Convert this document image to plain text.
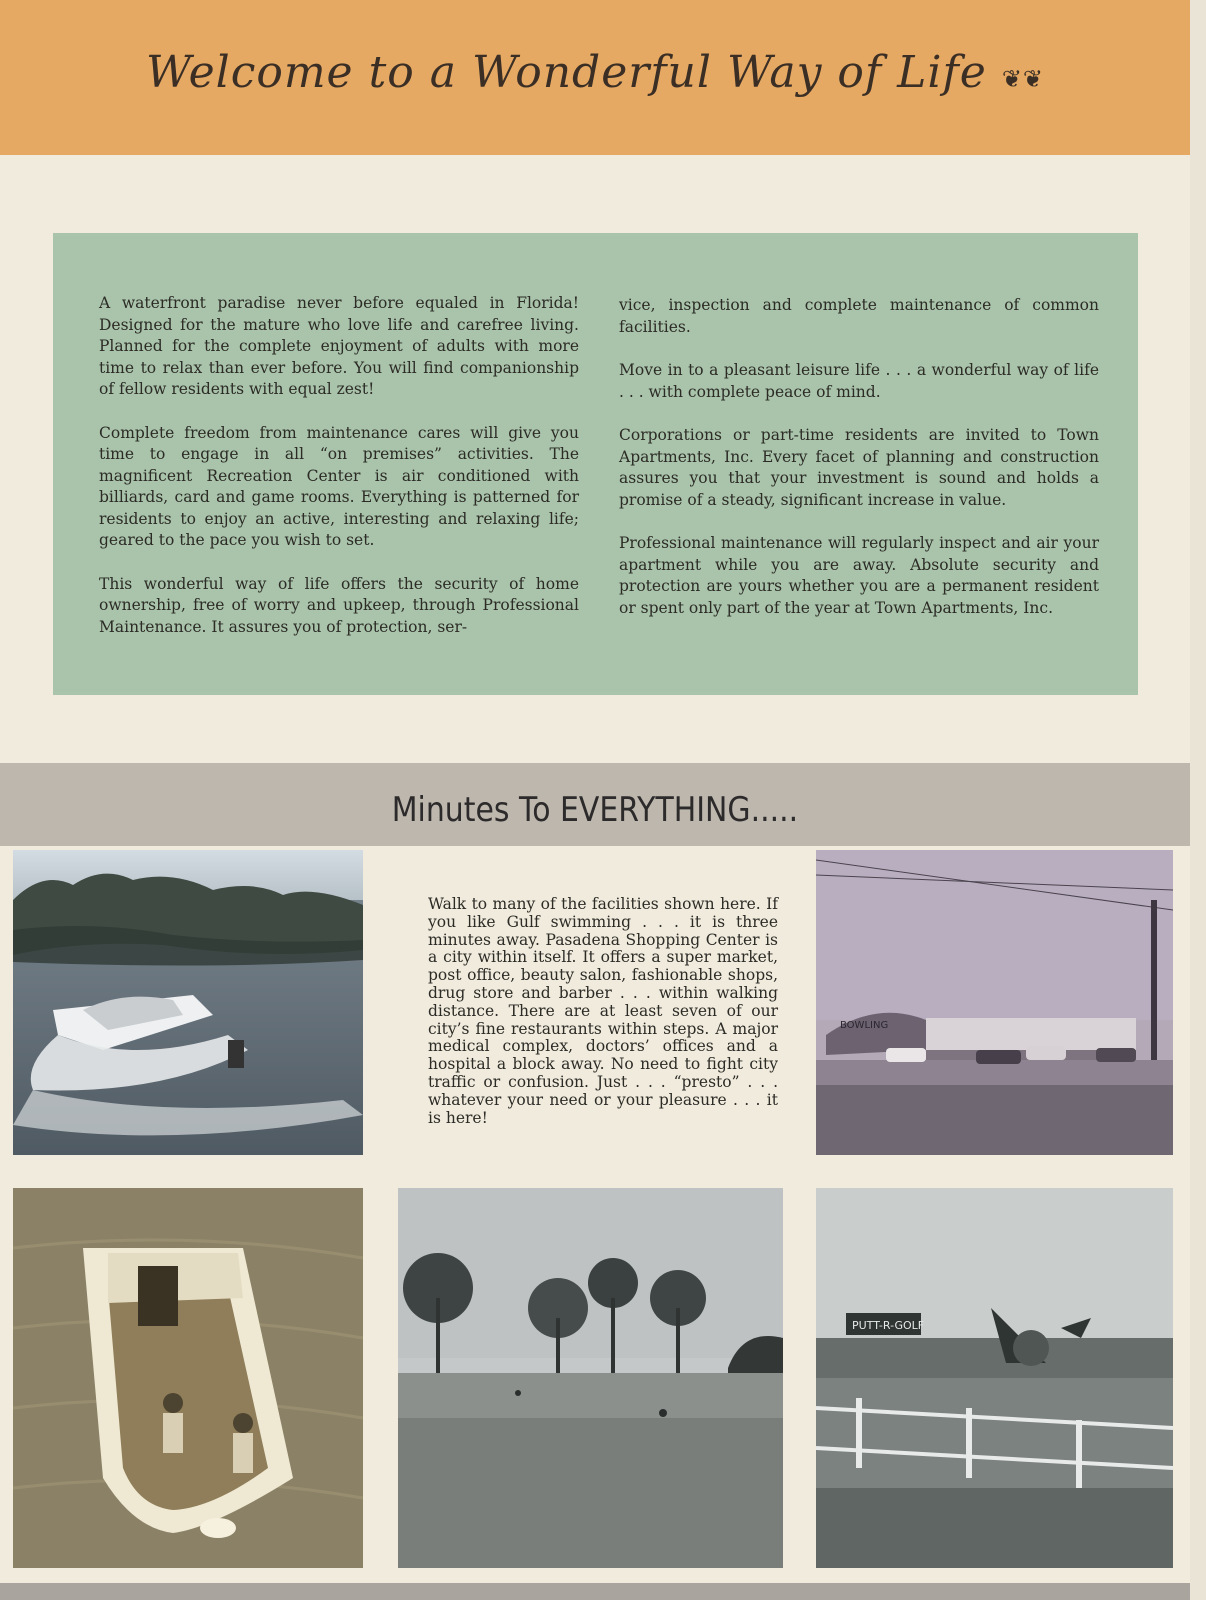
Welcome to a Wonderful Way of Life ❦❦

A waterfront paradise never before equaled in Florida! Designed for the mature who love life and carefree living. Planned for the complete enjoyment of adults with more time to relax than ever before. You will find companionship of fellow residents with equal zest!

Complete freedom from maintenance cares will give you time to engage in all “on premises” activities. The magnificent Recreation Center is air conditioned with billiards, card and game rooms. Everything is patterned for residents to enjoy an active, interesting and relaxing life; geared to the pace you wish to set.

This wonderful way of life offers the security of home ownership, free of worry and upkeep, through Professional Maintenance. It assures you of protection, ser-

vice, inspection and complete maintenance of common facilities.

Move in to a pleasant leisure life . . . a wonderful way of life . . . with complete peace of mind.

Corporations or part-time residents are invited to Town Apartments, Inc. Every facet of planning and construction assures you that your investment is sound and holds a promise of a steady, significant increase in value.

Professional maintenance will regularly inspect and air your apartment while you are away. Absolute security and protection are yours whether you are a permanent resident or spent only part of the year at Town Apartments, Inc.

Minutes To EVERYTHING.....
Walk to many of the facilities shown here. If you like Gulf swimming . . . it is three minutes away. Pasadena Shopping Center is a city within itself. It offers a super market, post office, beauty salon, fashionable shops, drug store and barber . . . within walking distance. There are at least seven of our city’s fine restaurants within steps. A major medical complex, doctors’ offices and a hospital a block away. No need to fight city traffic or confusion. Just . . . “presto” . . . whatever your need or your pleasure . . . it is here!
BOWLING
PUTT-R-GOLF
